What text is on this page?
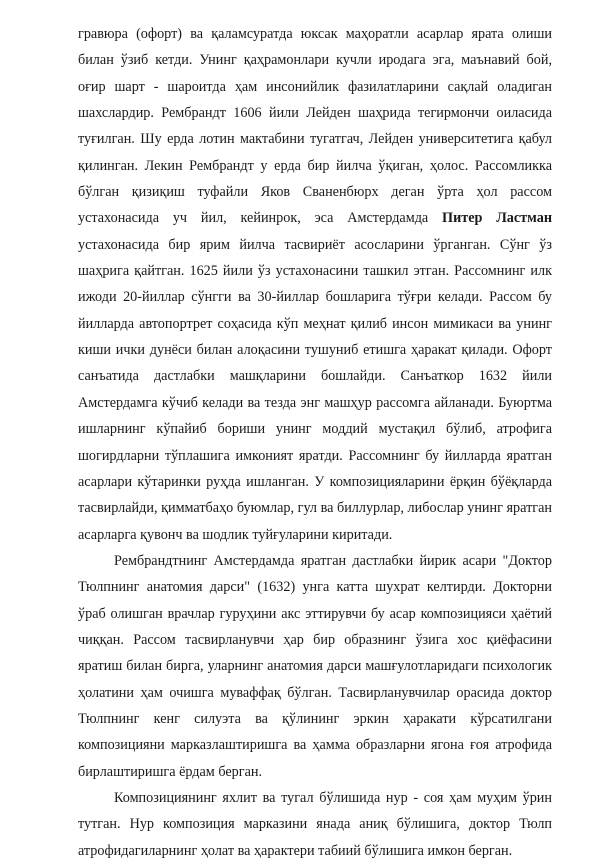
гравюра (офорт) ва қаламсуратда юксак маҳоратли асарлар ярата олиши билан ўзиб кетди. Унинг қаҳрамонлари кучли иродага эга, маънавий бой, оғир шарт - шароитда ҳам инсонийлик фазилатларини сақлай оладиган шахслардир. Рембрандт 1606 йили Лейден шаҳрида тегирмончи оиласида туғилган. Шу ерда лотин мактабини тугатгач, Лейден университетига қабул қилинган. Лекин Рембрандт у ерда бир йилча ўқиган, ҳолос. Рассомликка бўлган қизиқиш туфайли Яков Сваненбюрх деган ўрта ҳол рассом устахонасида уч йил, кейинрок, эса Амстердамда Питер Ластман устахонасида бир ярим йилча тасвириёт асосларини ўрганган. Сўнг ўз шаҳрига қайтган. 1625 йили ўз устахонасини ташкил этган. Рассомнинг илк ижоди 20-йиллар сўнгги ва 30-йиллар бошларига тўғри келади. Рассом бу йилларда автопортрет соҳасида кўп меҳнат қилиб инсон мимикаси ва унинг киши ички дунёси билан алоқасини тушуниб етишга ҳаракат қилади. Офорт санъатида дастлабки машқларини бошлайди. Санъаткор 1632 йили Амстердамга кўчиб келади ва тезда энг машҳур рассомга айланади. Буюртма ишларнинг кўпайиб бориши унинг моддий мустақил бўлиб, атрофига шогирдларни тўплашига имконият яратди. Рассомнинг бу йилларда яратган асарлари кўтаринки руҳда ишланган. У композицияларини ёрқин бўёқларда тасвирлайди, қимматбаҳо буюмлар, гул ва биллурлар, либослар унинг яратган асарларга қувонч ва шодлик туйғуларини киритади.

Рембрандтнинг Амстердамда яратган дастлабки йирик асари "Доктор Тюлпнинг анатомия дарси" (1632) унга катта шухрат келтирди. Докторни ўраб олишган врачлар гуруҳини акс эттирувчи бу асар композицияси ҳаётий чиққан. Рассом тасвирланувчи ҳар бир образнинг ўзига хос қиёфасини яратиш билан бирга, уларнинг анатомия дарси машғулотларидаги психологик ҳолатини ҳам очишга муваффақ бўлган. Тасвирланувчилар орасида доктор Тюлпнинг кенг силуэта ва қўлининг эркин ҳаракати кўрсатилгани композицияни марказлаштиришга ва ҳамма образларни ягона ғоя атрофида бирлаштиришга ёрдам берган.

Композициянинг яхлит ва тугал бўлишида нур - соя ҳам муҳим ўрин тутган. Нур композиция марказини янада аниқ бўлишига, доктор Тюлп атрофидагиларнинг ҳолат ва ҳарактери табиий бўлишига имкон берган.
